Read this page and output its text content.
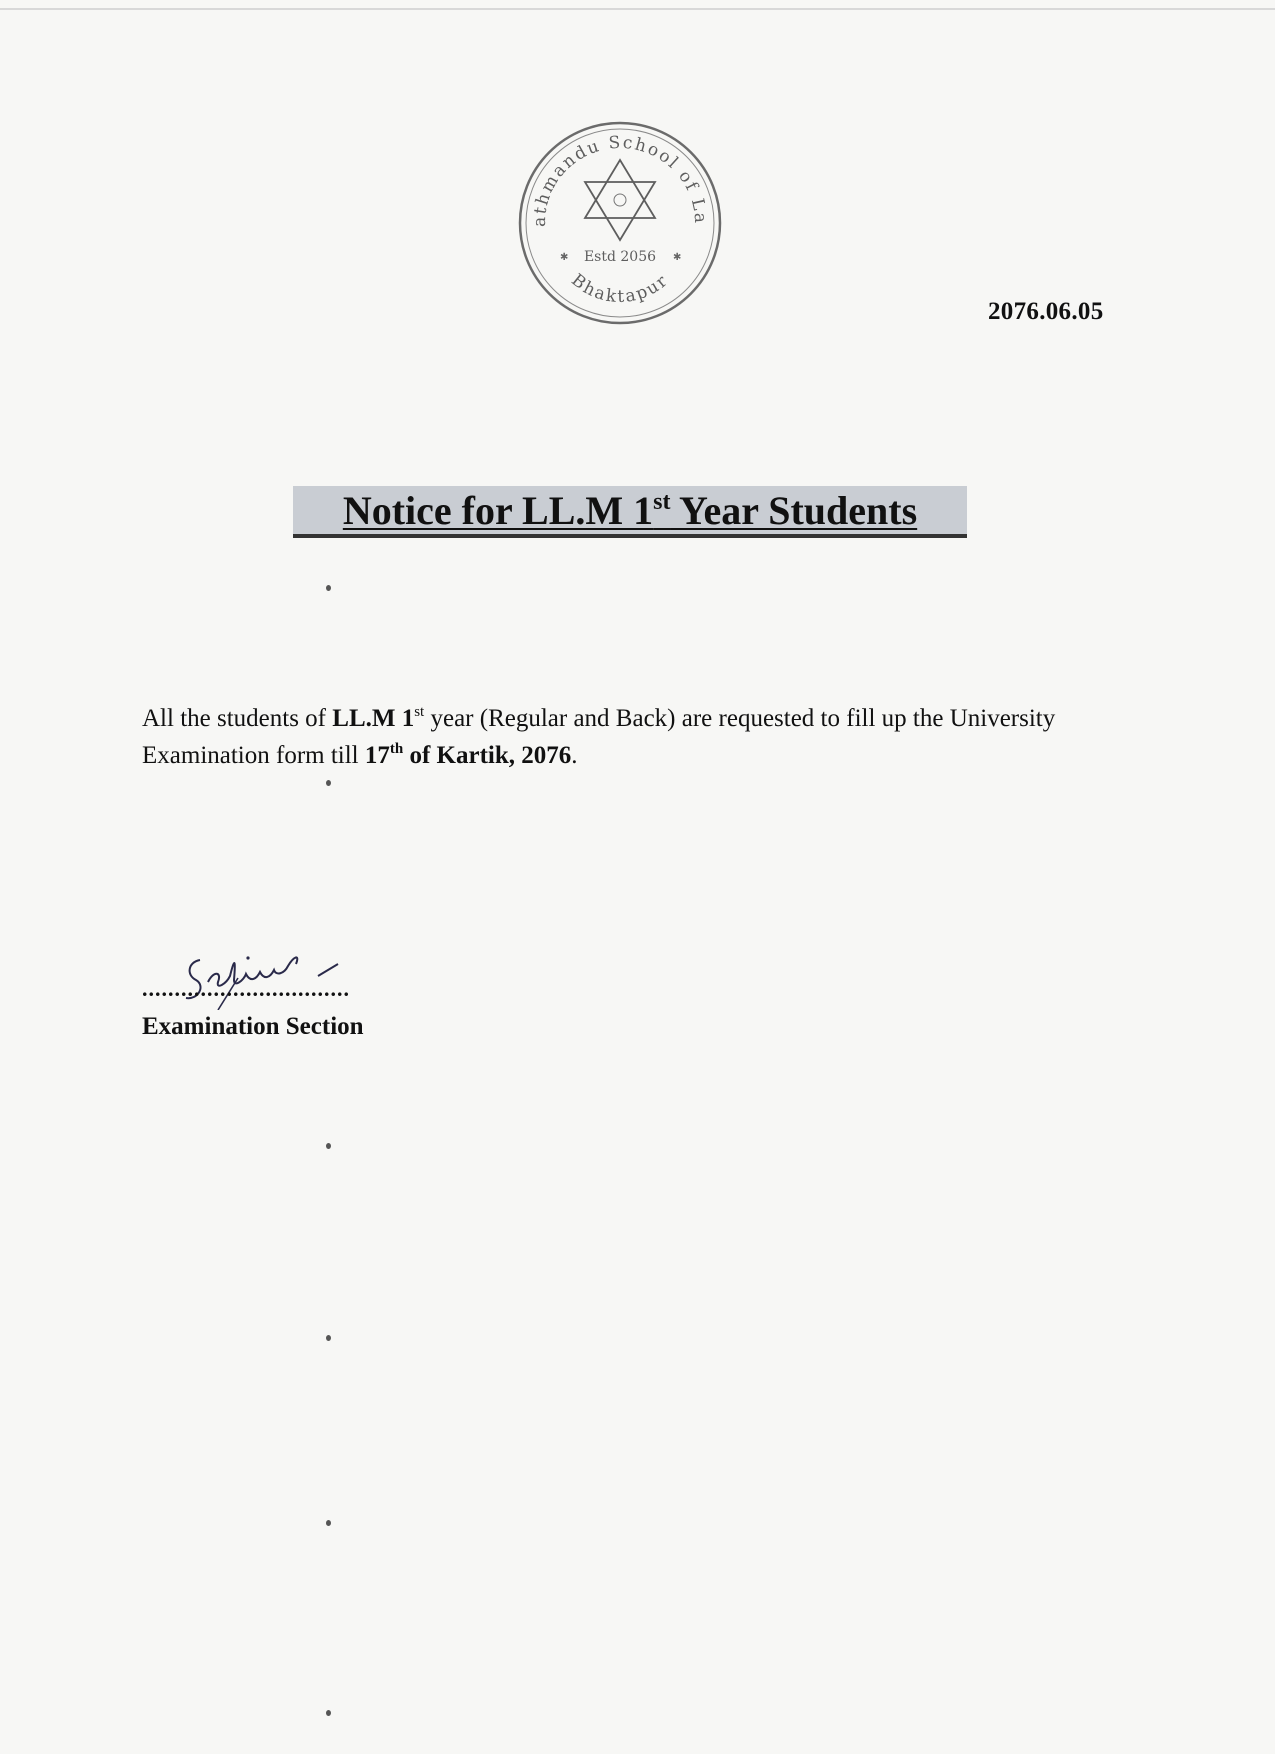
athmandu School of La
Estd 2056
✱	✱
Bhaktapur
2076.06.05
Notice for LL.M 1st Year Students
All the students of LL.M 1st year (Regular and Back) are requested to fill up the University Examination form till 17th of Kartik, 2076.
................................
Examination Section
